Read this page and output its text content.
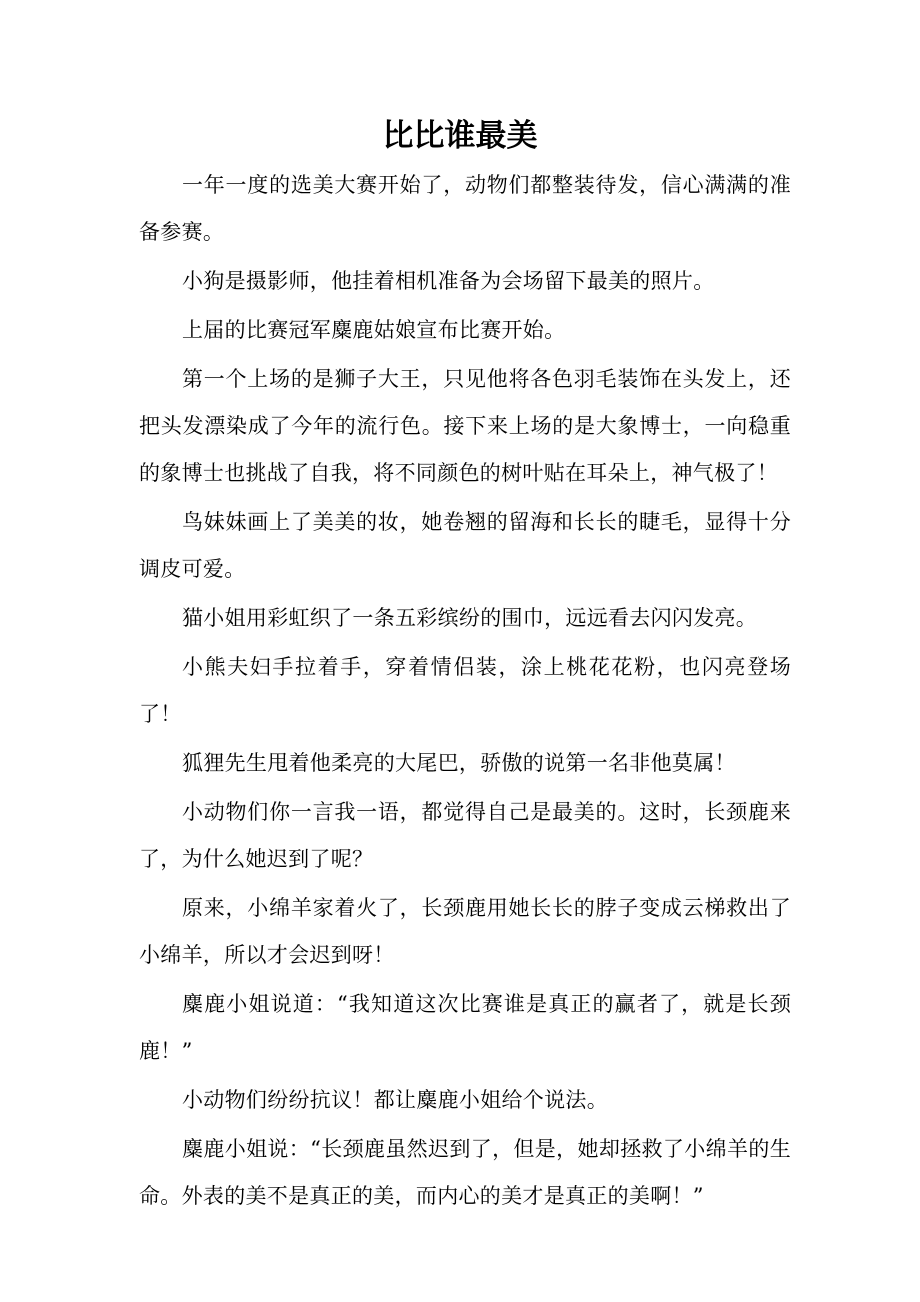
比比谁最美

一年一度的选美大赛开始了，动物们都整装待发，信心满满的准备参赛。

小狗是摄影师，他挂着相机准备为会场留下最美的照片。

上届的比赛冠军麋鹿姑娘宣布比赛开始。

第一个上场的是狮子大王，只见他将各色羽毛装饰在头发上，还把头发漂染成了今年的流行色。接下来上场的是大象博士，一向稳重的象博士也挑战了自我，将不同颜色的树叶贴在耳朵上，神气极了！

鸟妹妹画上了美美的妆，她卷翘的留海和长长的睫毛，显得十分调皮可爱。

猫小姐用彩虹织了一条五彩缤纷的围巾，远远看去闪闪发亮。

小熊夫妇手拉着手，穿着情侣装，涂上桃花花粉，也闪亮登场了！

狐狸先生甩着他柔亮的大尾巴，骄傲的说第一名非他莫属！

小动物们你一言我一语，都觉得自己是最美的。这时，长颈鹿来了，为什么她迟到了呢？

原来，小绵羊家着火了，长颈鹿用她长长的脖子变成云梯救出了小绵羊，所以才会迟到呀！

麋鹿小姐说道：“我知道这次比赛谁是真正的赢者了，就是长颈鹿！”

小动物们纷纷抗议！都让麋鹿小姐给个说法。

麋鹿小姐说：“长颈鹿虽然迟到了，但是，她却拯救了小绵羊的生命。外表的美不是真正的美，而内心的美才是真正的美啊！”
